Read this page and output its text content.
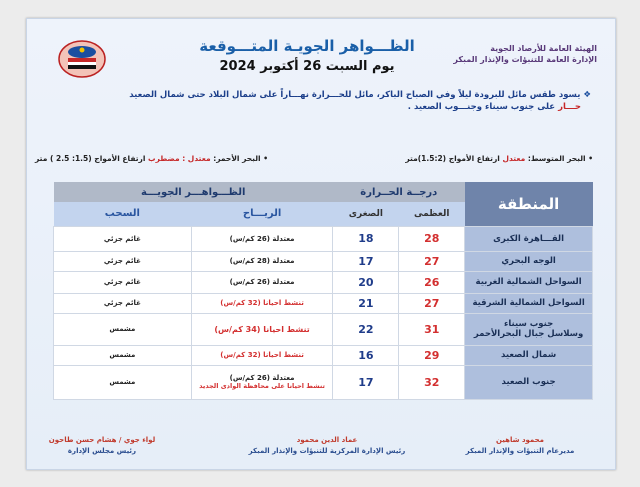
الظـــواهر الجويـة المتـــوقعة
يوم السبت 26 أكتوبر 2024
الهيئة العامة للأرصاد الجوية
الإدارة العامة للتنبؤات والإنذار المبكر
❖ يسود طقس مائل للبرودة ليلاً وفي الصباح الباكر، مائل للحـــرارة نهـــاراً على شمال البلاد حتى شمال الصعيد
حـــار على جنوب سيناء وجنـــوب الصعيد .
• البحر المتوسط: معتدل ارتفاع الأمواج (1.5:2)متر
• البحر الأحمر: معتدل : مضطرب ارتفاع الأمواج (1.5: 2.5 ) متر
المنطقة	درجــة الحــرارة		الظـــواهـــر الجويـــة	
	العظمى	الصغرى	الريـــاح	السحب
القـــاهرة الكبرى	28	18	معتدلة (26 كم/س)	غائم جزئي
الوجه البحري	27	17	معتدلة (28 كم/س)	غائم جزئي
السواحل الشمالية الغربية	26	20	معتدلة (26 كم/س)	غائم جزئي
السواحل الشمالية الشرقية	27	21	تنشط احيانا (32 كم/س)	غائم جزئي

جنوب سيناء
وسلاسل جبال البحرالأحمر	31	22	تنشط احيانا (34 كم/س)	مشمس
شمال الصعيد	29	16	تنشط احيانا (32 كم/س)	مشمس
جنوب الصعيد	32	17	معتدلة (26 كم/س)
تنشط احيانا على محافظة الوادى الجديد	مشمس
محمود شاهين
مديرعام التنبؤات والإنذار المبكر
عماد الدين محمود
رئيس الإدارة المركزية للتنبؤات والإنذار المبكر
لواء جوي / هشام حسن طاحون
رئيس مجلس الإدارة
